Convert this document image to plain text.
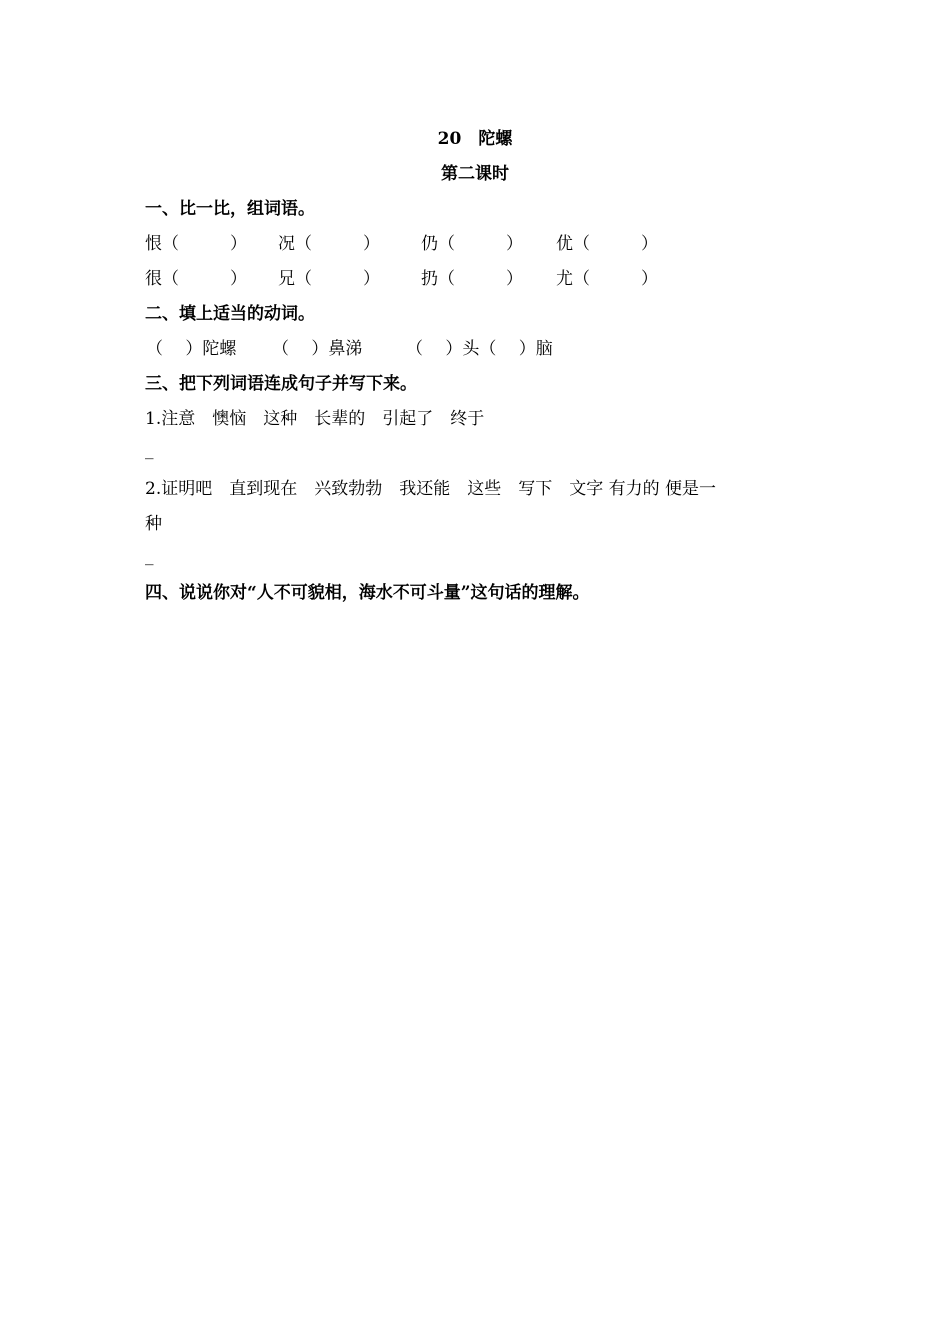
20　陀螺
第二课时
一、比一比，组词语。
恨（　　　） 况（　　　） 仍（　　　） 优（　　　）
很（　　　） 兄（　　　） 扔（　　　） 尤（　　　）
二、填上适当的动词。
（　 ）陀螺 （　 ）鼻涕	（　 ）头（　 ）脑
三、把下列词语连成句子并写下来。
1.注意　懊恼　这种　长辈的　引起了　终于
_
2.证明吧　直到现在　兴致勃勃　我还能　这些　写下　文字 有力的 便是一
种
_
四、说说你对“人不可貌相，海水不可斗量”这句话的理解。
